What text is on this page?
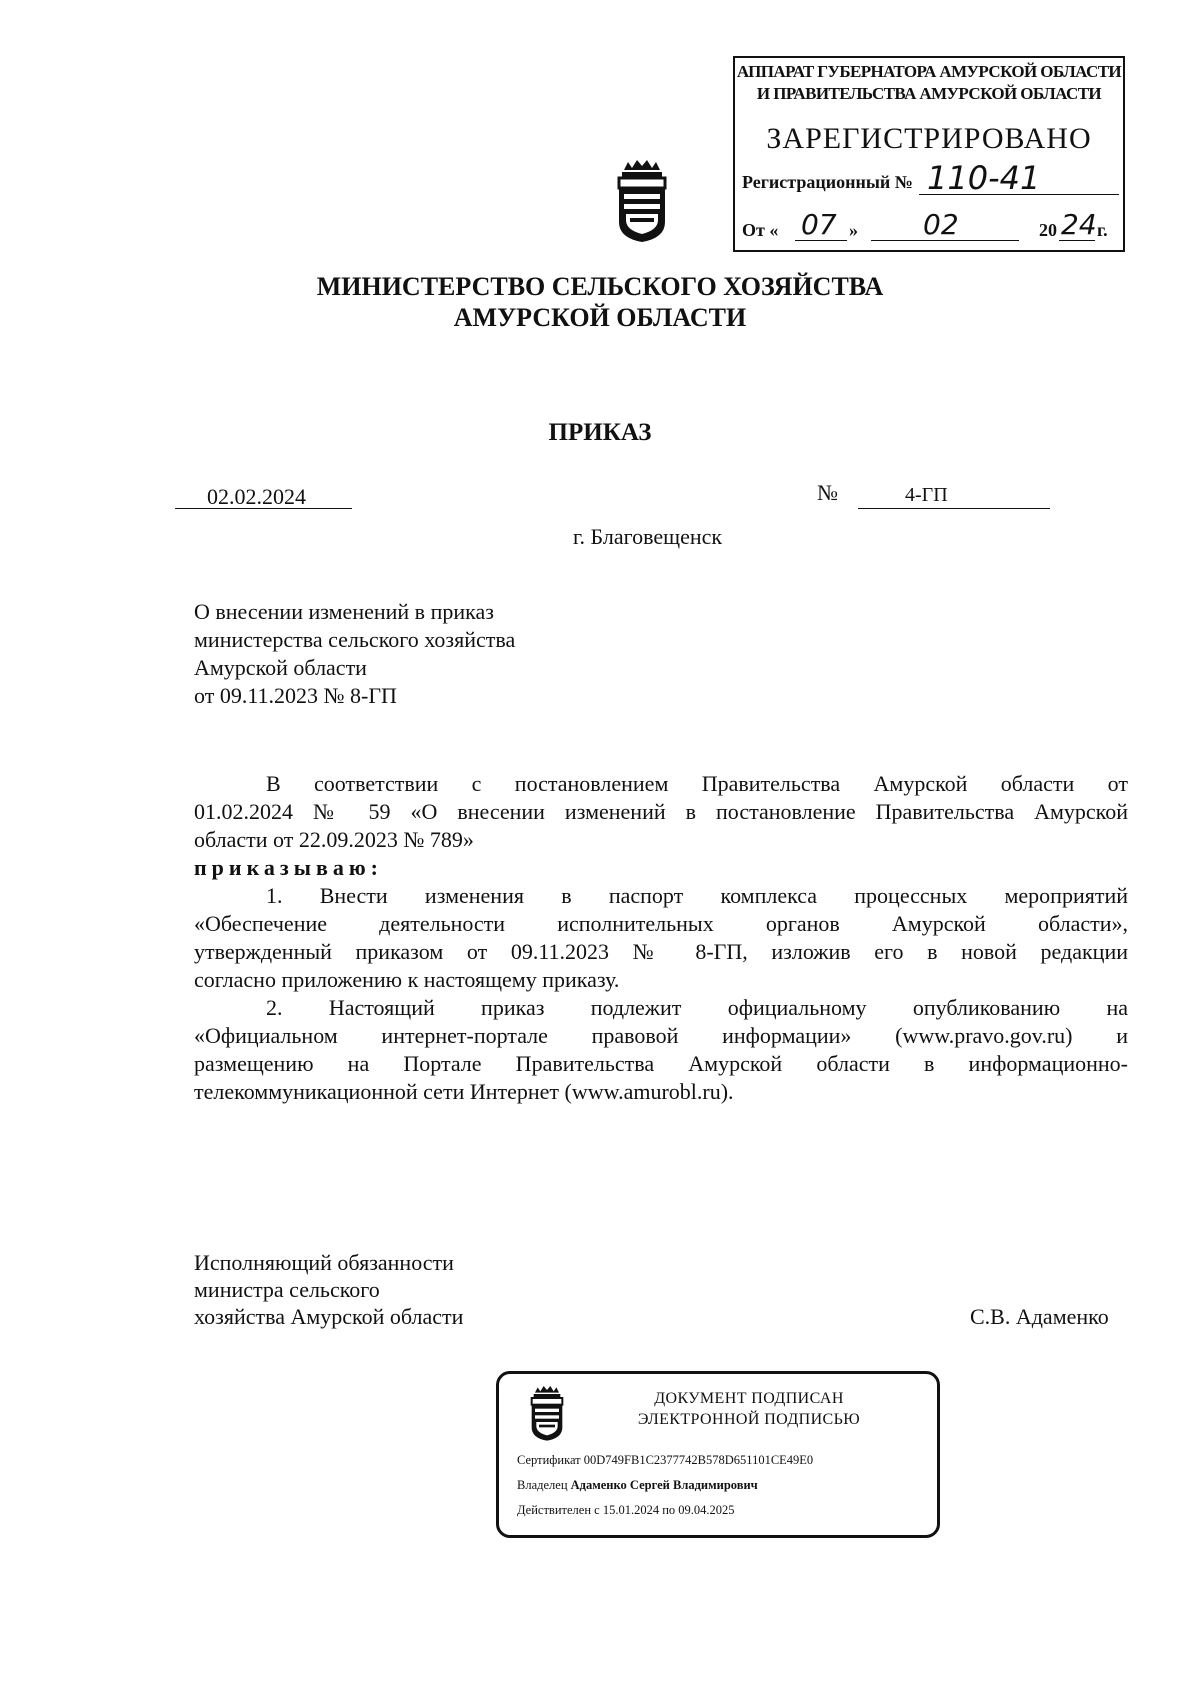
АППАРАТ ГУБЕРНАТОРА АМУРСКОЙ ОБЛАСТИ
И ПРАВИТЕЛЬСТВА АМУРСКОЙ ОБЛАСТИ
ЗАРЕГИСТРИРОВАНО
Регистрационный № 110-41
От « 07 » 02	20 24 г.
МИНИСТЕРСТВО СЕЛЬСКОГО ХОЗЯЙСТВА
АМУРСКОЙ ОБЛАСТИ
ПРИКАЗ
02.02.2024	№	4-ГП
г. Благовещенск
О внесении изменений в приказ
министерства сельского хозяйства
Амурской области
от 09.11.2023 № 8-ГП
В соответствии с постановлением Правительства Амурской области от
01.02.2024 № 59 «О внесении изменений в постановление Правительства Амурской
области от 22.09.2023 № 789»
приказываю:
1. Внести изменения в паспорт комплекса процессных мероприятий
«Обеспечение деятельности исполнительных органов Амурской области»,
утвержденный приказом от 09.11.2023 № 8-ГП, изложив его в новой редакции
согласно приложению к настоящему приказу.
2. Настоящий приказ подлежит официальному опубликованию на
«Официальном интернет-портале правовой информации» (www.pravo.gov.ru) и
размещению на Портале Правительства Амурской области в информационно-
телекоммуникационной сети Интернет (www.amurobl.ru).
Исполняющий обязанности
министра сельского
хозяйства Амурской области	С.В. Адаменко
ДОКУМЕНТ ПОДПИСАН
ЭЛЕКТРОННОЙ ПОДПИСЬЮ
Сертификат 00D749FB1C2377742B578D651101CE49E0
Владелец Адаменко Сергей Владимирович
Действителен с 15.01.2024 по 09.04.2025
